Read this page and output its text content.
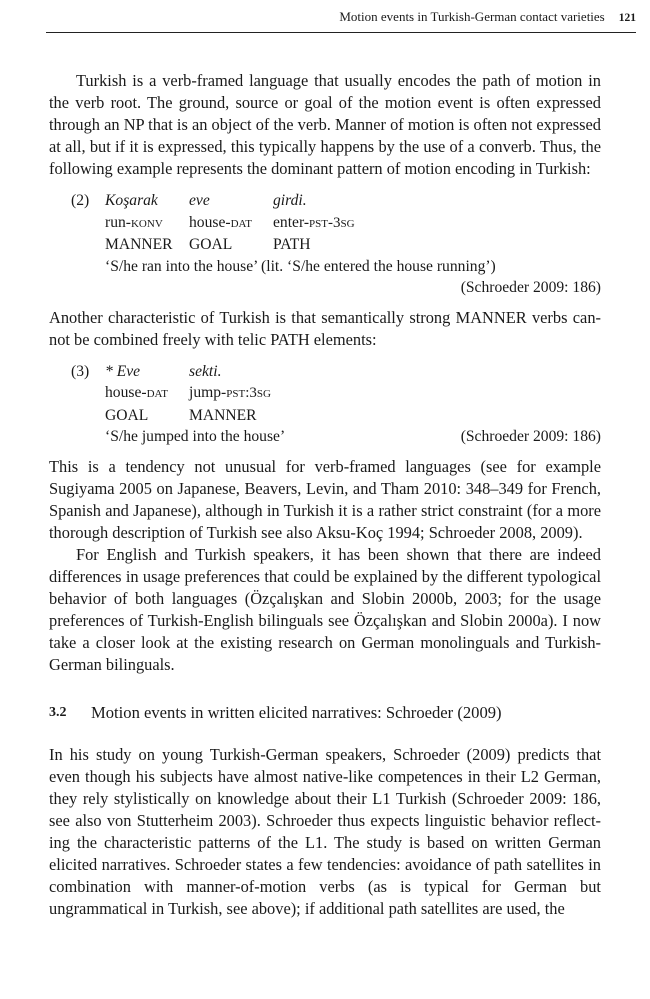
Motion events in Turkish-German contact varieties 121

Turkish is a verb-framed language that usually encodes the path of motion in the verb root. The ground, source or goal of the motion event is often expressed through an NP that is an object of the verb. Manner of motion is often not expressed at all, but if it is expressed, this typically happens by the use of a converb. Thus, the following example represents the dominant pattern of motion encoding in Turkish:

(2)	Koşarak	eve	girdi.
run-konv	house-dat	enter-pst-3sg
MANNER	GOAL	PATH
‘S/he ran into the house’ (lit. ‘S/he entered the house running’)
(Schroeder 2009: 186)

Another characteristic of Turkish is that semantically strong MANNER verbs cannot be combined freely with telic PATH elements:

(3)	* Eve	sekti.
house-dat	jump-pst:3sg
GOAL	MANNER
‘S/he jumped into the house’	(Schroeder 2009: 186)

This is a tendency not unusual for verb-framed languages (see for example Sugiyama 2005 on Japanese, Beavers, Levin, and Tham 2010: 348–349 for French, Spanish and Japanese), although in Turkish it is a rather strict constraint (for a more thorough description of Turkish see also Aksu-Koç 1994; Schroeder 2008, 2009).

For English and Turkish speakers, it has been shown that there are indeed differences in usage preferences that could be explained by the different typological behavior of both languages (Özçalışkan and Slobin 2000b, 2003; for the usage preferences of Turkish-English bilinguals see Özçalışkan and Slobin 2000a). I now take a closer look at the existing research on German monolinguals and Turkish-German bilinguals.

3.2	Motion events in written elicited narratives: Schroeder (2009)

In his study on young Turkish-German speakers, Schroeder (2009) predicts that even though his subjects have almost native-like competences in their L2 German, they rely stylistically on knowledge about their L1 Turkish (Schroeder 2009: 186, see also von Stutterheim 2003). Schroeder thus expects linguistic behavior reflecting the characteristic patterns of the L1. The study is based on written German elicited narratives. Schroeder states a few tendencies: avoidance of path satellites in combination with manner-of-motion verbs (as is typical for German but ungrammatical in Turkish, see above); if additional path satellites are used, the
